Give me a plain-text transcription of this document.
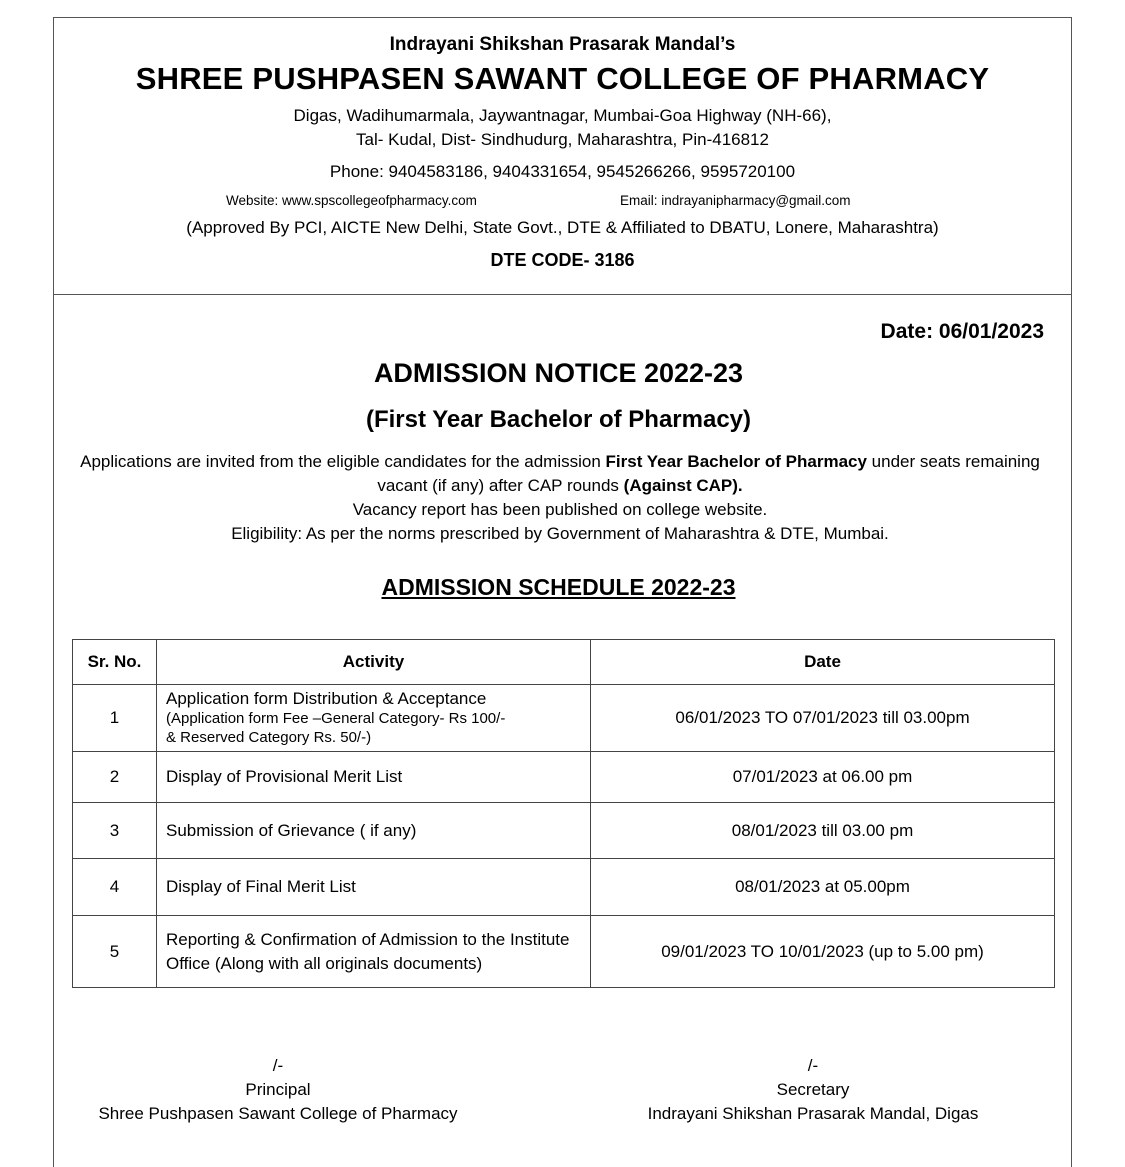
Indrayani Shikshan Prasarak Mandal’s
SHREE PUSHPASEN SAWANT COLLEGE OF PHARMACY
Digas, Wadihumarmala, Jaywantnagar, Mumbai-Goa Highway (NH-66),
Tal- Kudal, Dist- Sindhudurg, Maharashtra, Pin-416812
Phone: 9404583186, 9404331654, 9545266266, 9595720100
Website: www.spscollegeofpharmacy.com	Email: indrayanipharmacy@gmail.com
(Approved By PCI, AICTE New Delhi, State Govt., DTE & Affiliated to DBATU, Lonere, Maharashtra)
DTE CODE- 3186
Date: 06/01/2023
ADMISSION NOTICE 2022-23
(First Year Bachelor of Pharmacy)
Applications are invited from the eligible candidates for the admission First Year Bachelor of Pharmacy under seats remaining vacant (if any) after CAP rounds (Against CAP).
Vacancy report has been published on college website.
Eligibility: As per the norms prescribed by Government of Maharashtra & DTE, Mumbai.
ADMISSION SCHEDULE 2022-23
Sr. No.	Activity	Date
1	Application form Distribution & Acceptance
(Application form Fee –General Category- Rs 100/-
& Reserved Category Rs. 50/-)	06/01/2023 TO 07/01/2023 till 03.00pm
2	Display of Provisional Merit List	07/01/2023 at 06.00 pm
3	Submission of Grievance ( if any)	08/01/2023 till 03.00 pm
4	Display of Final Merit List	08/01/2023 at 05.00pm
5	Reporting & Confirmation of Admission to the Institute Office (Along with all originals documents)	09/01/2023 TO 10/01/2023 (up to 5.00 pm)
/-
Principal
Shree Pushpasen Sawant College of Pharmacy
/-
Secretary
Indrayani Shikshan Prasarak Mandal, Digas
